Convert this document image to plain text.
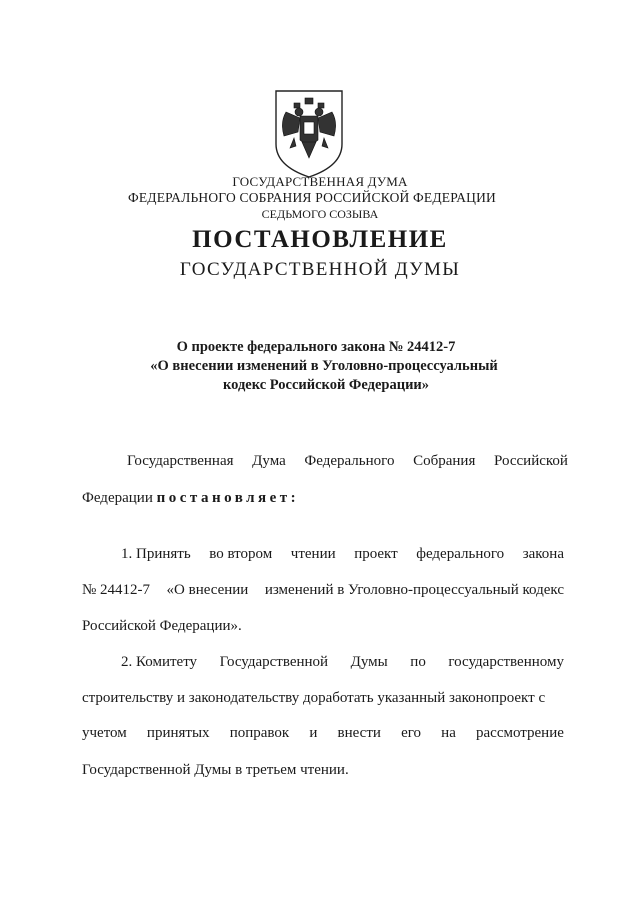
ГОСУДАРСТВЕННАЯ ДУМА
ФЕДЕРАЛЬНОГО СОБРАНИЯ РОССИЙСКОЙ ФЕДЕРАЦИИ
СЕДЬМОГО СОЗЫВА
ПОСТАНОВЛЕНИЕ
ГОСУДАРСТВЕННОЙ ДУМЫ
О проекте федерального закона № 24412-7
«О внесении изменений в Уголовно-процессуальный
кодекс Российской Федерации»
Государственная Дума Федерального Собрания Российской
Федерации постановляет:
1. Принять во втором чтении проект федерального закона
№ 24412-7 «О внесении изменений в Уголовно-процессуальный кодекс
Российской Федерации».
2. Комитету Государственной Думы по государственному
строительству и законодательству доработать указанный законопроект с
учетом принятых поправок и внести его на рассмотрение
Государственной Думы в третьем чтении.
